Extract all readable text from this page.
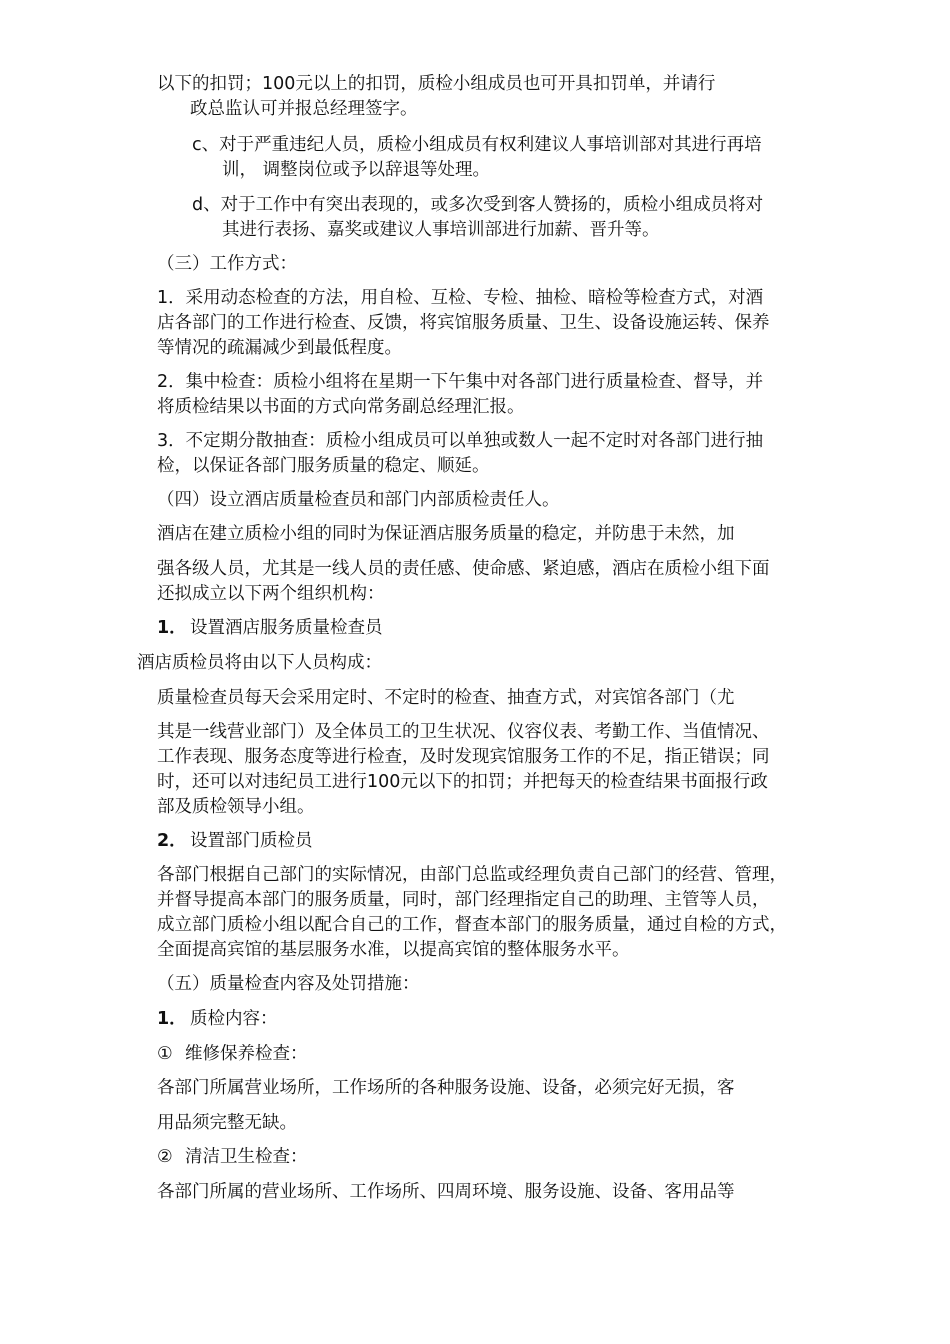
以下的扣罚；100元以上的扣罚，质检小组成员也可开具扣罚单，并请行
政总监认可并报总经理签字。
c、对于严重违纪人员，质检小组成员有权利建议人事培训部对其进行再培
训， 调整岗位或予以辞退等处理。
d、对于工作中有突出表现的，或多次受到客人赞扬的，质检小组成员将对
其进行表扬、嘉奖或建议人事培训部进行加薪、晋升等。
（三）工作方式：
1．采用动态检查的方法，用自检、互检、专检、抽检、暗检等检查方式，对酒
店各部门的工作进行检查、反馈，将宾馆服务质量、卫生、设备设施运转、保养
等情况的疏漏减少到最低程度。
2．集中检查：质检小组将在星期一下午集中对各部门进行质量检查、督导，并
将质检结果以书面的方式向常务副总经理汇报。
3．不定期分散抽查：质检小组成员可以单独或数人一起不定时对各部门进行抽
检，以保证各部门服务质量的稳定、顺延。
（四）设立酒店质量检查员和部门内部质检责任人。
酒店在建立质检小组的同时为保证酒店服务质量的稳定，并防患于未然，加
强各级人员，尤其是一线人员的责任感、使命感、紧迫感，酒店在质检小组下面
还拟成立以下两个组织机构：
1． 设置酒店服务质量检查员
酒店质检员将由以下人员构成：
质量检查员每天会采用定时、不定时的检查、抽查方式，对宾馆各部门（尤
其是一线营业部门）及全体员工的卫生状况、仪容仪表、考勤工作、当值情况、
工作表现、服务态度等进行检查，及时发现宾馆服务工作的不足，指正错误；同
时，还可以对违纪员工进行100元以下的扣罚；并把每天的检查结果书面报行政
部及质检领导小组。
2． 设置部门质检员
各部门根据自己部门的实际情况，由部门总监或经理负责自己部门的经营、管理，
并督导提高本部门的服务质量，同时，部门经理指定自己的助理、主管等人员，
成立部门质检小组以配合自己的工作，督查本部门的服务质量，通过自检的方式，
全面提高宾馆的基层服务水准，以提高宾馆的整体服务水平。
（五）质量检查内容及处罚措施：
1． 质检内容：
① 维修保养检查：
各部门所属营业场所，工作场所的各种服务设施、设备，必须完好无损，客
用品须完整无缺。
② 清洁卫生检查：
各部门所属的营业场所、工作场所、四周环境、服务设施、设备、客用品等
